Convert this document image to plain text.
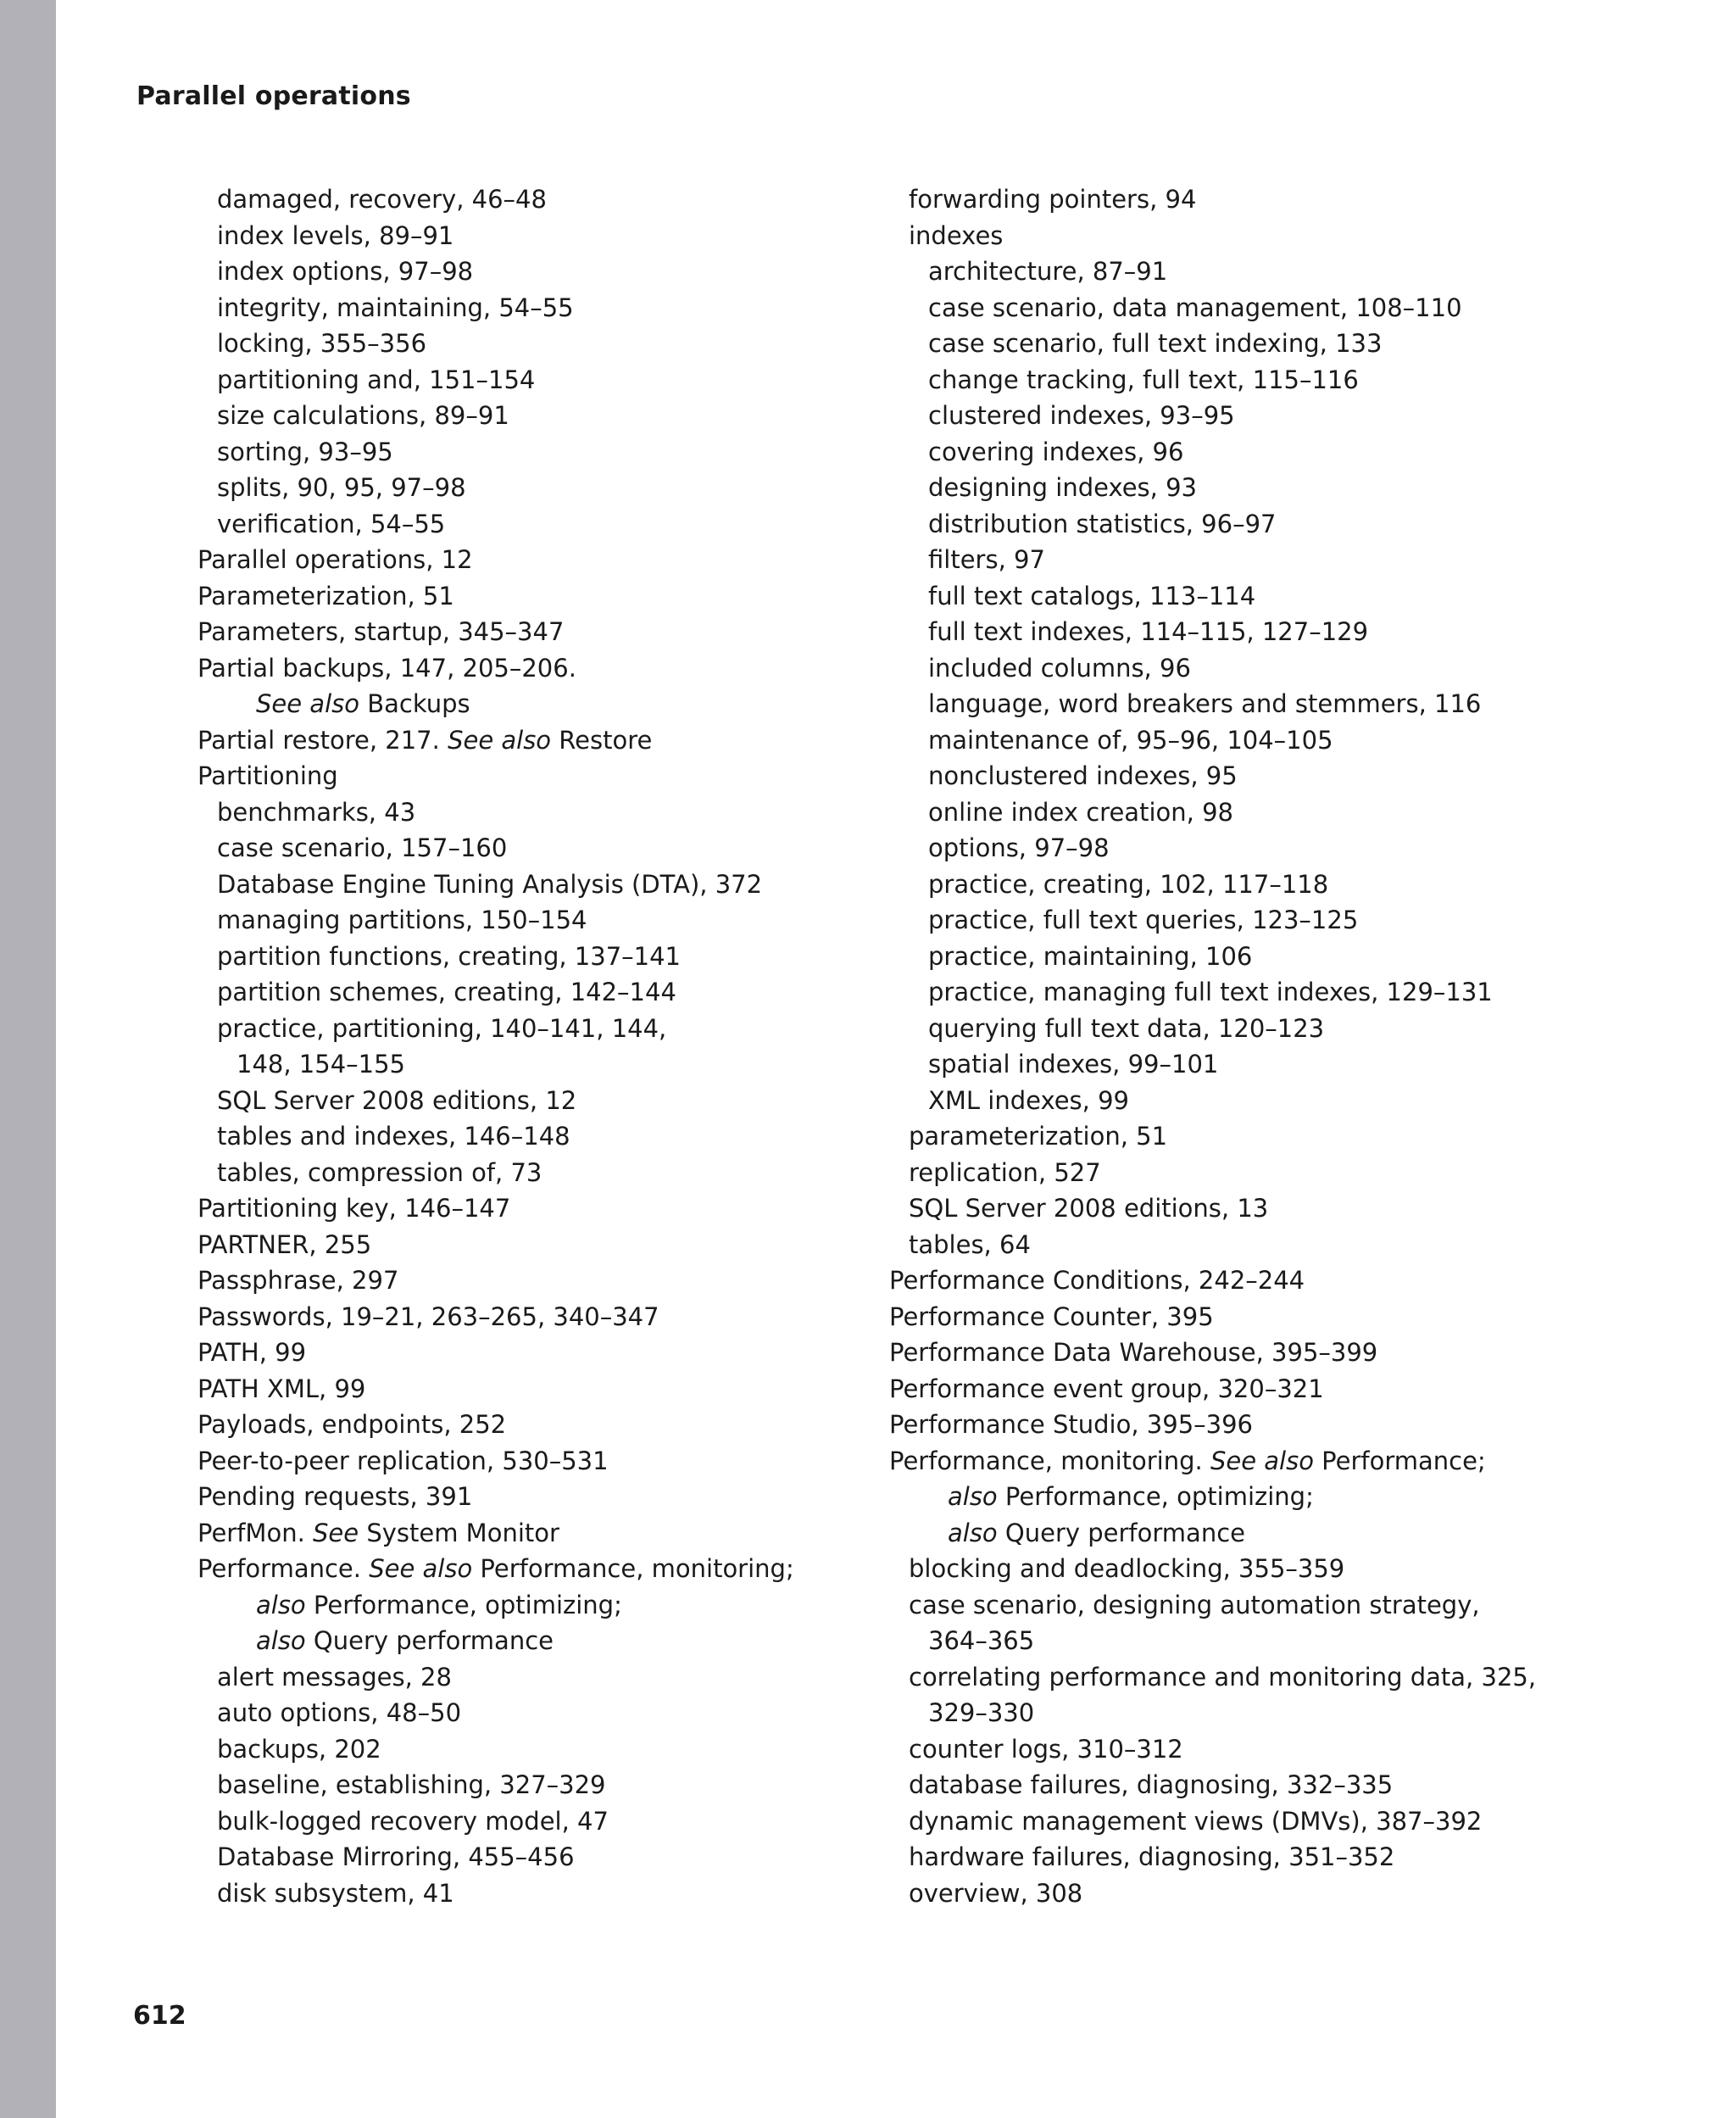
Parallel operations
damaged, recovery, 46–48
index levels, 89–91
index options, 97–98
integrity, maintaining, 54–55
locking, 355–356
partitioning and, 151–154
size calculations, 89–91
sorting, 93–95
splits, 90, 95, 97–98
verification, 54–55
Parallel operations, 12
Parameterization, 51
Parameters, startup, 345–347
Partial backups, 147, 205–206.
See also Backups
Partial restore, 217. See also Restore
Partitioning
benchmarks, 43
case scenario, 157–160
Database Engine Tuning Analysis (DTA), 372
managing partitions, 150–154
partition functions, creating, 137–141
partition schemes, creating, 142–144
practice, partitioning, 140–141, 144,
148, 154–155
SQL Server 2008 editions, 12
tables and indexes, 146–148
tables, compression of, 73
Partitioning key, 146–147
PARTNER, 255
Passphrase, 297
Passwords, 19–21, 263–265, 340–347
PATH, 99
PATH XML, 99
Payloads, endpoints, 252
Peer-to-peer replication, 530–531
Pending requests, 391
PerfMon. See System Monitor
Performance. See also Performance, monitoring;
also Performance, optimizing;
also Query performance
alert messages, 28
auto options, 48–50
backups, 202
baseline, establishing, 327–329
bulk-logged recovery model, 47
Database Mirroring, 455–456
disk subsystem, 41
forwarding pointers, 94
indexes
architecture, 87–91
case scenario, data management, 108–110
case scenario, full text indexing, 133
change tracking, full text, 115–116
clustered indexes, 93–95
covering indexes, 96
designing indexes, 93
distribution statistics, 96–97
filters, 97
full text catalogs, 113–114
full text indexes, 114–115, 127–129
included columns, 96
language, word breakers and stemmers, 116
maintenance of, 95–96, 104–105
nonclustered indexes, 95
online index creation, 98
options, 97–98
practice, creating, 102, 117–118
practice, full text queries, 123–125
practice, maintaining, 106
practice, managing full text indexes, 129–131
querying full text data, 120–123
spatial indexes, 99–101
XML indexes, 99
parameterization, 51
replication, 527
SQL Server 2008 editions, 13
tables, 64
Performance Conditions, 242–244
Performance Counter, 395
Performance Data Warehouse, 395–399
Performance event group, 320–321
Performance Studio, 395–396
Performance, monitoring. See also Performance;
also Performance, optimizing;
also Query performance
blocking and deadlocking, 355–359
case scenario, designing automation strategy,
364–365
correlating performance and monitoring data, 325,
329–330
counter logs, 310–312
database failures, diagnosing, 332–335
dynamic management views (DMVs), 387–392
hardware failures, diagnosing, 351–352
overview, 308
612
